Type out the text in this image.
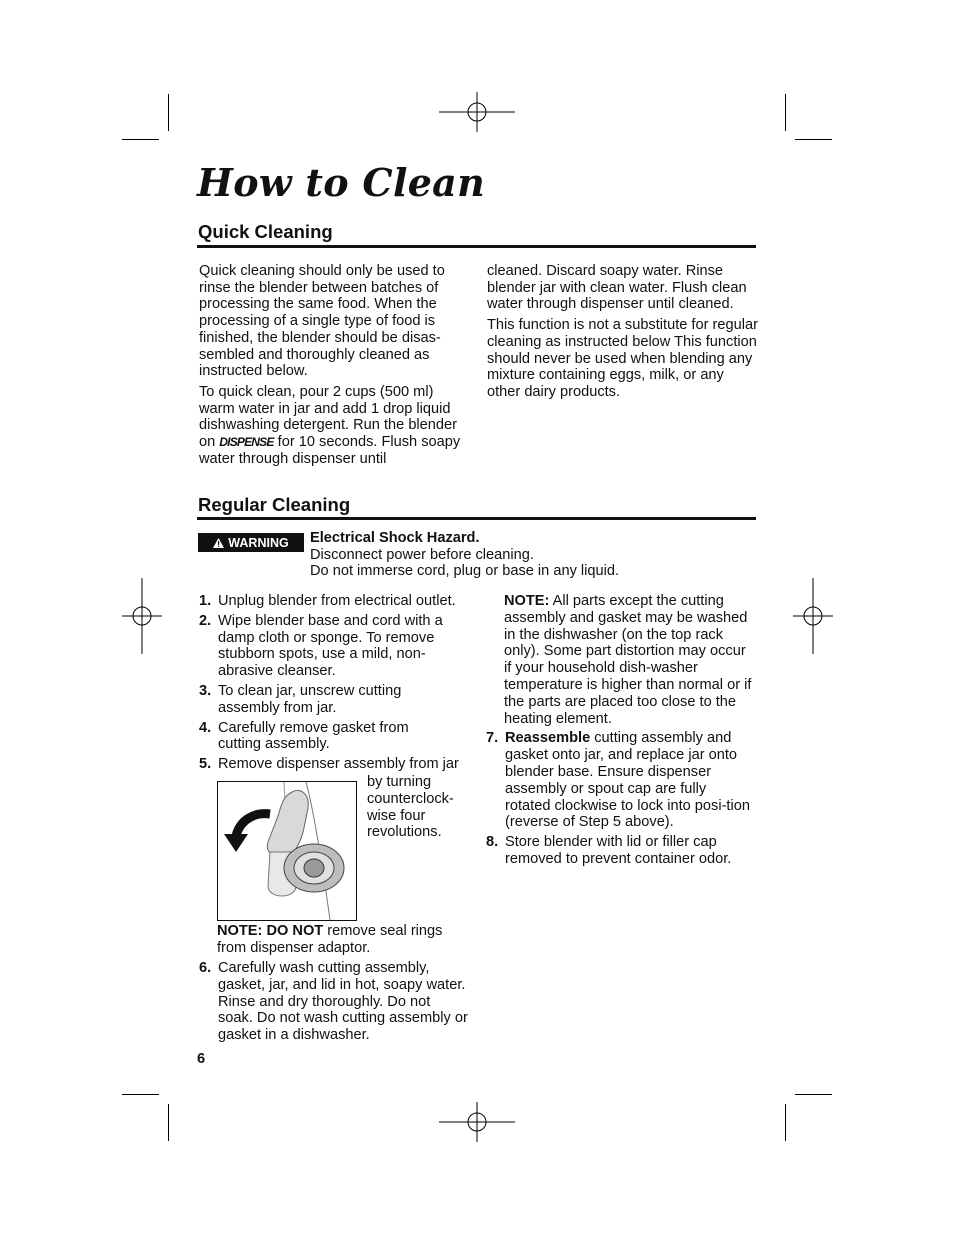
How to Clean
Quick Cleaning

Quick cleaning should only be used to rinse the blender between batches of processing the same food. When the processing of a single type of food is finished, the blender should be disas-sembled and thoroughly cleaned as instructed below.

To quick clean, pour 2 cups (500 ml) warm water in jar and add 1 drop liquid dishwashing detergent. Run the blender on DISPENSE for 10 seconds. Flush soapy water through dispenser until

cleaned. Discard soapy water. Rinse blender jar with clean water. Flush clean water through dispenser until cleaned.

This function is not a substitute for regular cleaning as instructed below This function should never be used when blending any mixture containing eggs, milk, or any other dairy products.

Regular Cleaning
WARNING Electrical Shock Hazard.
Disconnect power before cleaning.
Do not immerse cord, plug or base in any liquid.
1. Unplug blender from electrical outlet.
2. Wipe blender base and cord with a damp cloth or sponge. To remove stubborn spots, use a mild, non-abrasive cleanser.
3. To clean jar, unscrew cutting assembly from jar.
4. Carefully remove gasket from cutting assembly.
5. Remove dispenser assembly from jar
by turning counterclock-wise four revolutions.
NOTE: DO NOT remove seal rings from dispenser adaptor.
6. Carefully wash cutting assembly, gasket, jar, and lid in hot, soapy water. Rinse and dry thoroughly. Do not soak. Do not wash cutting assembly or gasket in a dishwasher.

NOTE: All parts except the cutting assembly and gasket may be washed in the dishwasher (on the top rack only). Some part distortion may occur if your household dish-washer temperature is higher than normal or if the parts are placed too close to the heating element.

7. Reassemble cutting assembly and gasket onto jar, and replace jar onto blender base. Ensure dispenser assembly or spout cap are fully rotated clockwise to lock into posi-tion (reverse of Step 5 above).
8. Store blender with lid or filler cap removed to prevent container odor.
6
